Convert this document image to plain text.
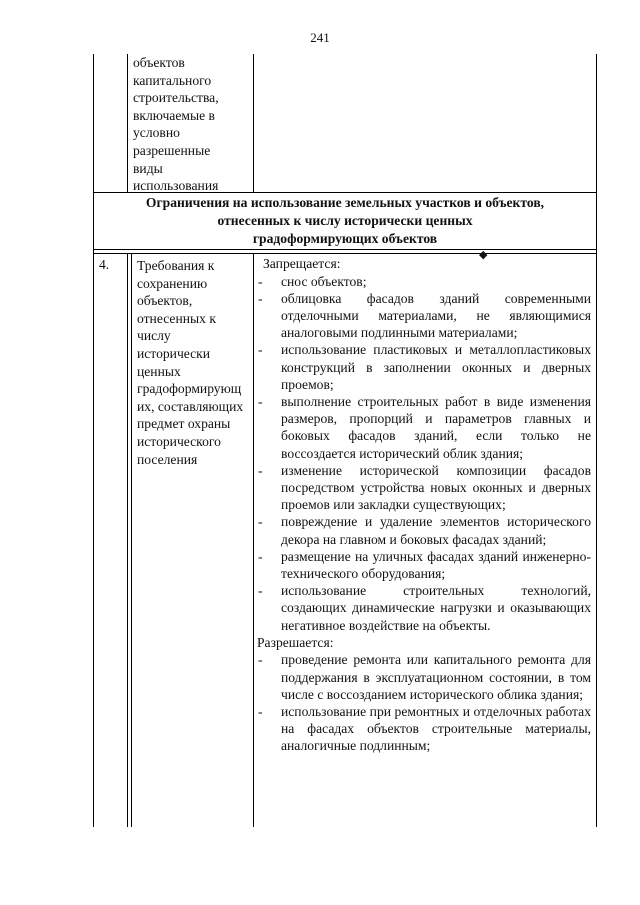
241
объектов
капитального
строительства,
включаемые в
условно
разрешенные
виды
использования
Ограничения на использование земельных участков и объектов,
отнесенных к числу исторически ценных
градоформирующих объектов
◆
4. Требования к
сохранению
объектов,
отнесенных к
числу
исторически
ценных
градоформирующ
их, составляющих
предмет охраны
исторического
поселения
Запрещается:
- снос объектов;
- облицовка фасадов зданий современными отделочными материалами, не являющимися аналоговыми подлинными материалами;
- использование пластиковых и металлопластиковых конструкций в заполнении оконных и дверных проемов;
- выполнение строительных работ в виде изменения размеров, пропорций и параметров главных и боковых фасадов зданий, если только не воссоздается исторический облик здания;
- изменение исторической композиции фасадов посредством устройства новых оконных и дверных проемов или закладки существующих;
- повреждение и удаление элементов исторического декора на главном и боковых фасадах зданий;
- размещение на уличных фасадах зданий инженерно-технического оборудования;
- использование строительных технологий, создающих динамические нагрузки и оказывающих негативное воздействие на объекты.
Разрешается:
- проведение ремонта или капитального ремонта для поддержания в эксплуатационном состоянии, в том числе с воссозданием исторического облика здания;
- использование при ремонтных и отделочных работах на фасадах объектов строительные материалы, аналогичные подлинным;
